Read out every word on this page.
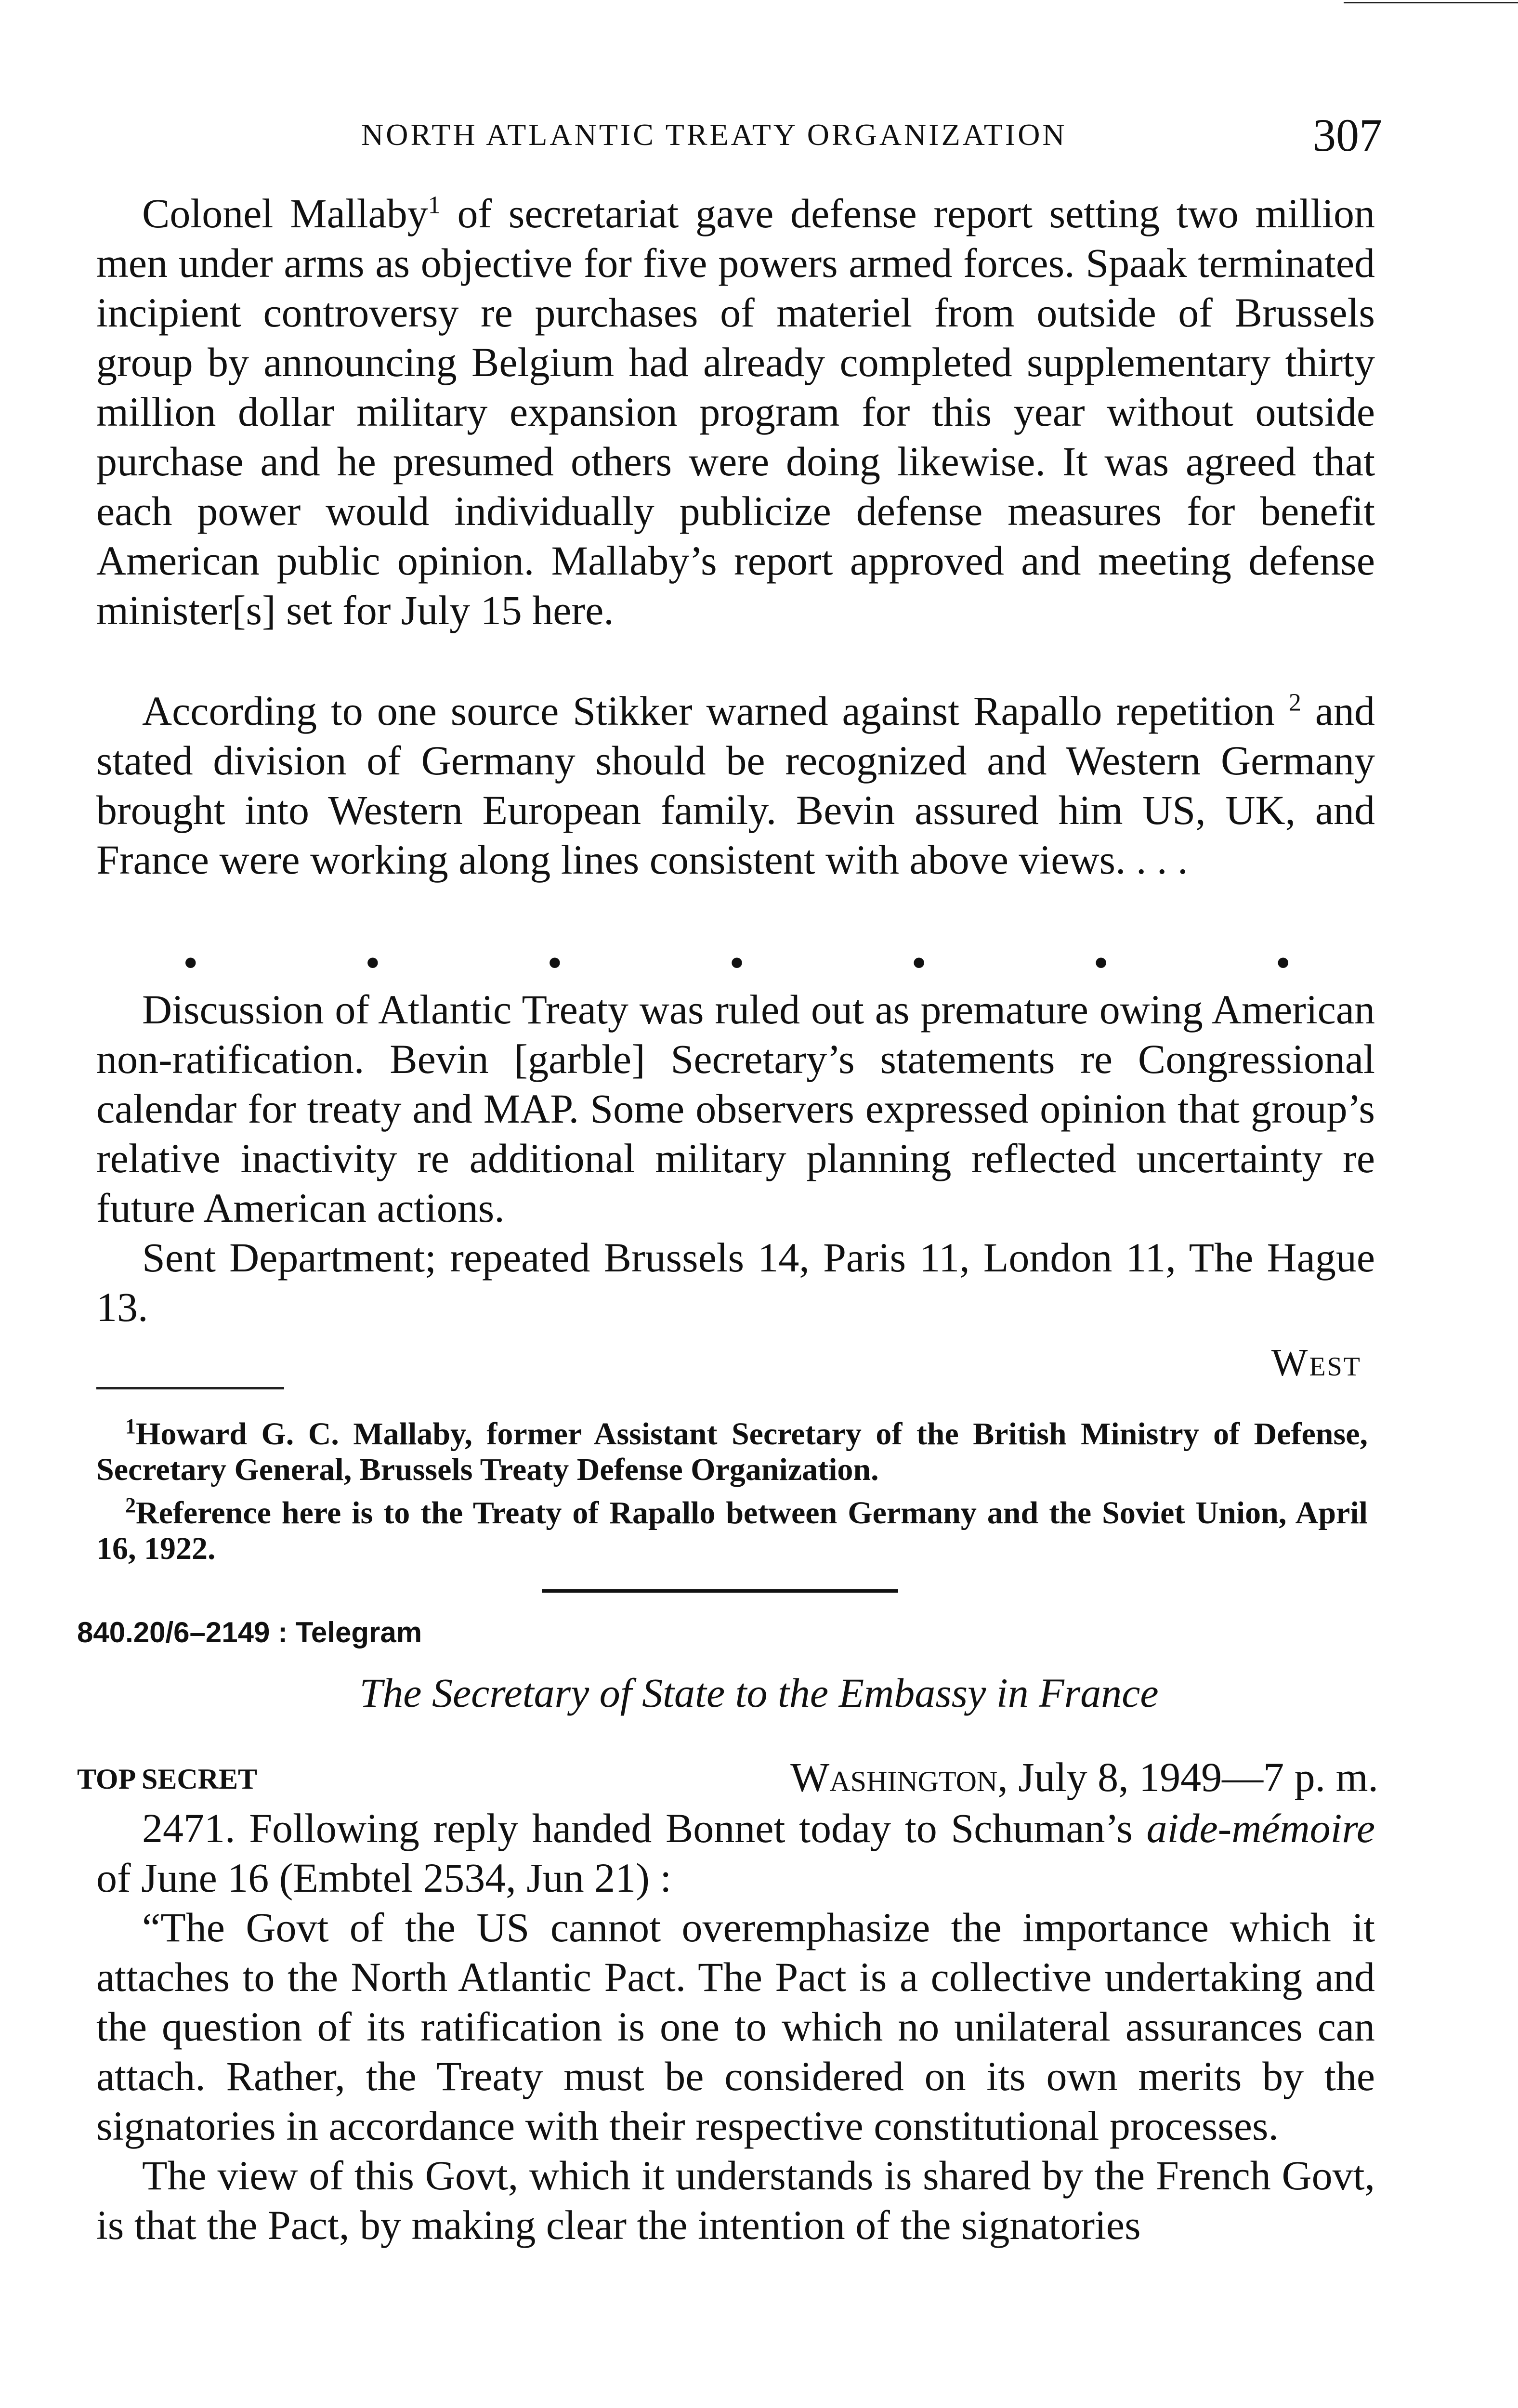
NORTH ATLANTIC TREATY ORGANIZATION	307

Colonel Mallaby$^1$ of secretariat gave defense report setting two million men under arms as objective for five powers armed forces. Spaak terminated incipient controversy re purchases of materiel from outside of Brussels group by announcing Belgium had already completed supplementary thirty million dollar military expansion program for this year without outside purchase and he presumed others were doing likewise. It was agreed that each power would individually publicize defense measures for benefit American public opinion. Mallaby’s report approved and meeting defense minister[s] set for July 15 here.

According to one source Stikker warned against Rapallo repetition $^2$ and stated division of Germany should be recognized and Western Germany brought into Western European family. Bevin assured him US, UK, and France were working along lines consistent with above views. . . .

•	•	•	•	•	•	•

Discussion of Atlantic Treaty was ruled out as premature owing American non-ratification. Bevin [garble] Secretary’s statements re Congressional calendar for treaty and MAP. Some observers expressed opinion that group’s relative inactivity re additional military planning reflected uncertainty re future American actions.

Sent Department; repeated Brussels 14, Paris 11, London 11, The Hague 13.

West

$^1$Howard G. C. Mallaby, former Assistant Secretary of the British Ministry of Defense, Secretary General, Brussels Treaty Defense Organization.

$^2$Reference here is to the Treaty of Rapallo between Germany and the Soviet Union, April 16, 1922.

840.20/6–2149 : Telegram
The Secretary of State to the Embassy in France
TOP SECRET	Washington, July 8, 1949—7 p. m.

2471. Following reply handed Bonnet today to Schuman’s aide-mémoire of June 16 (Embtel 2534, Jun 21) :

“The Govt of the US cannot overemphasize the importance which it attaches to the North Atlantic Pact. The Pact is a collective undertaking and the question of its ratification is one to which no unilateral assurances can attach. Rather, the Treaty must be considered on its own merits by the signatories in accordance with their respective constitutional processes.

The view of this Govt, which it understands is shared by the French Govt, is that the Pact, by making clear the intention of the signatories
